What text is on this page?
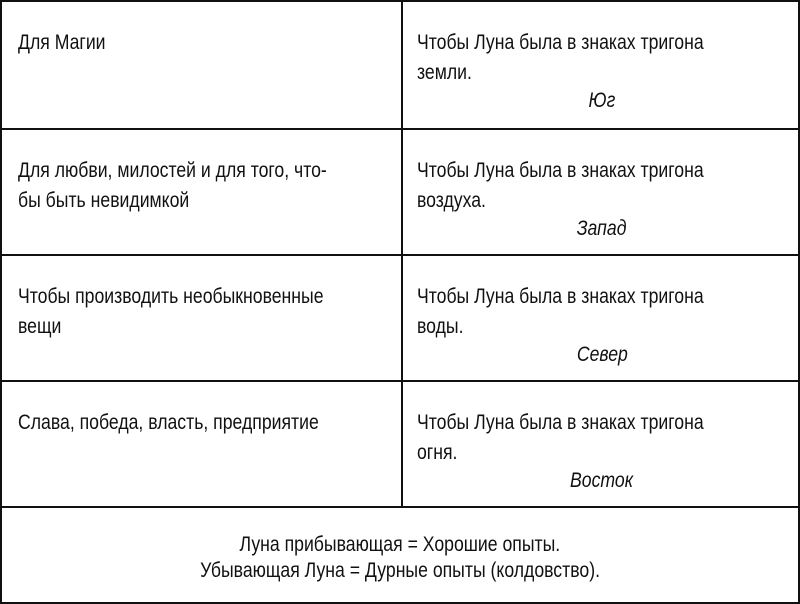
Для Магии	Чтобы Луна была в знаках тригона
земли.
Юг
Для любви, милостей и для того, что-
бы быть невидимкой
Чтобы Луна была в знаках тригона
воздуха.
Запад
Чтобы производить необыкновенные
вещи
Чтобы Луна была в знаках тригона
воды.
Север
Слава, победа, власть, предприятие	Чтобы Луна была в знаках тригона
огня.
Восток
Луна прибывающая = Хорошие опыты.
Убывающая Луна = Дурные опыты (колдовство).
